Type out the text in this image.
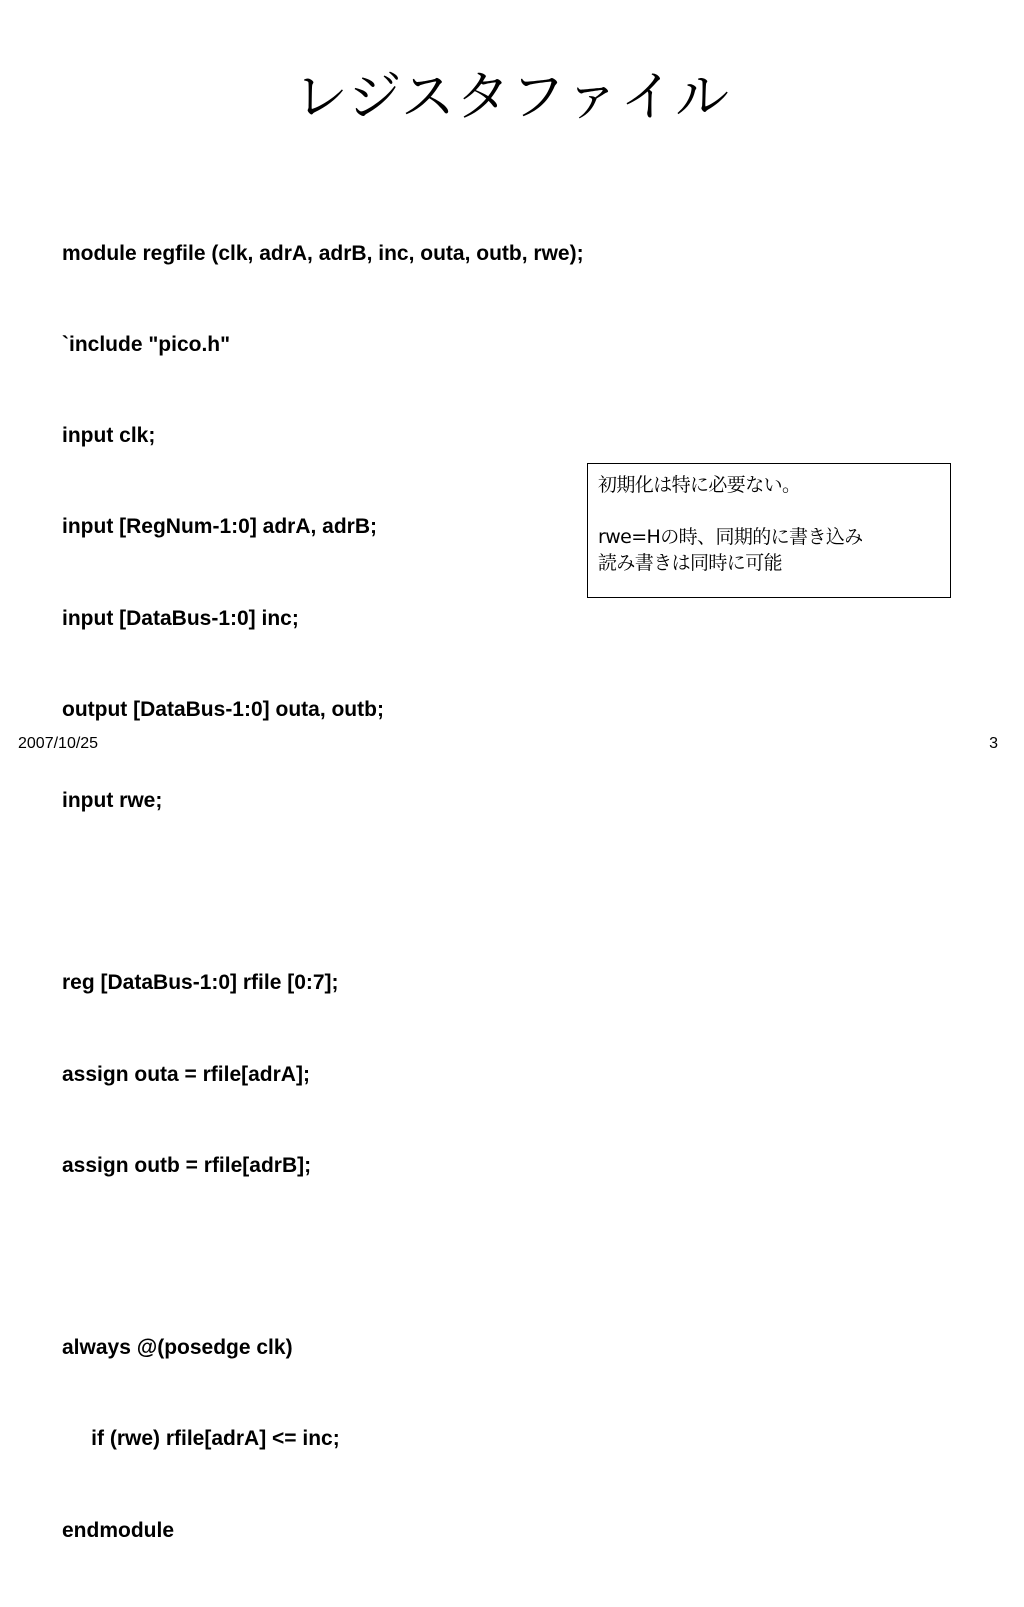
レジスタファイル

module regfile (clk, adrA, adrB, inc, outa, outb, rwe);

`include "pico.h"

input clk;

input [RegNum-1:0] adrA, adrB;

input [DataBus-1:0] inc;

output [DataBus-1:0] outa, outb;

input rwe;

reg [DataBus-1:0] rfile [0:7];

assign outa = rfile[adrA];

assign outb = rfile[adrB];

always @(posedge clk)

if (rwe) rfile[adrA] <= inc;

endmodule

初期化は特に必要ない。

rwe=Hの時、同期的に書き込み

読み書きは同時に可能

2007/10/25	3
